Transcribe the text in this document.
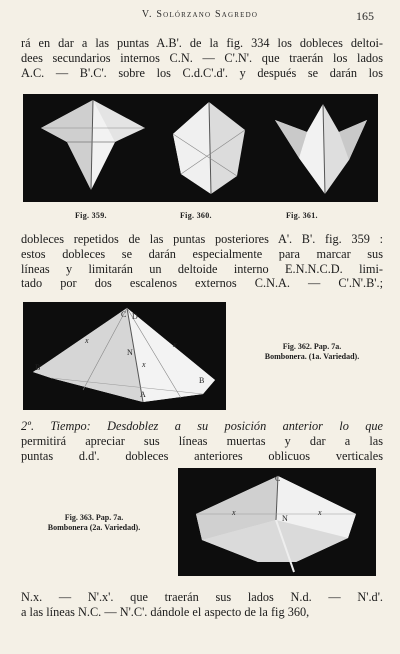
V. Solórzano Sagredo	165
rá en dar a las puntas A.B'. de la fig. 334 los dobleces deltoi-
dees secundarios internos C.N. — C'.N'. que traerán los lados
A.C. — B'.C'. sobre los C.d.C'.d'. y después se darán los
Fig. 359.	Fig. 360.	Fig. 361.
dobleces repetidos de las puntas posteriores A'. B'. fig. 359 :
estos dobleces se darán especialmente para marcar sus
líneas y limitarán un deltoide interno E.N.N.C.D. limi-
tado por dos escalenos externos C.N.A. — C'.N'.B'.;
C D
x	x
N
x
A
B
B'
Fig. 362. Pap. 7a.
Bombonera. (1a. Variedad).
2º. Tiempo: Desdoblez a su posición anterior lo que
permitirá apreciar sus líneas muertas y dar a las
puntas d.d'. dobleces anteriores oblicuos verticales
C
N
x	x
Fig. 363. Pap. 7a.
Bombonera (2a. Variedad).
N.x. — N'.x'. que traerán sus lados N.d. — N'.d'.
a las líneas N.C. — N'.C'. dándole el aspecto de la fig 360,
